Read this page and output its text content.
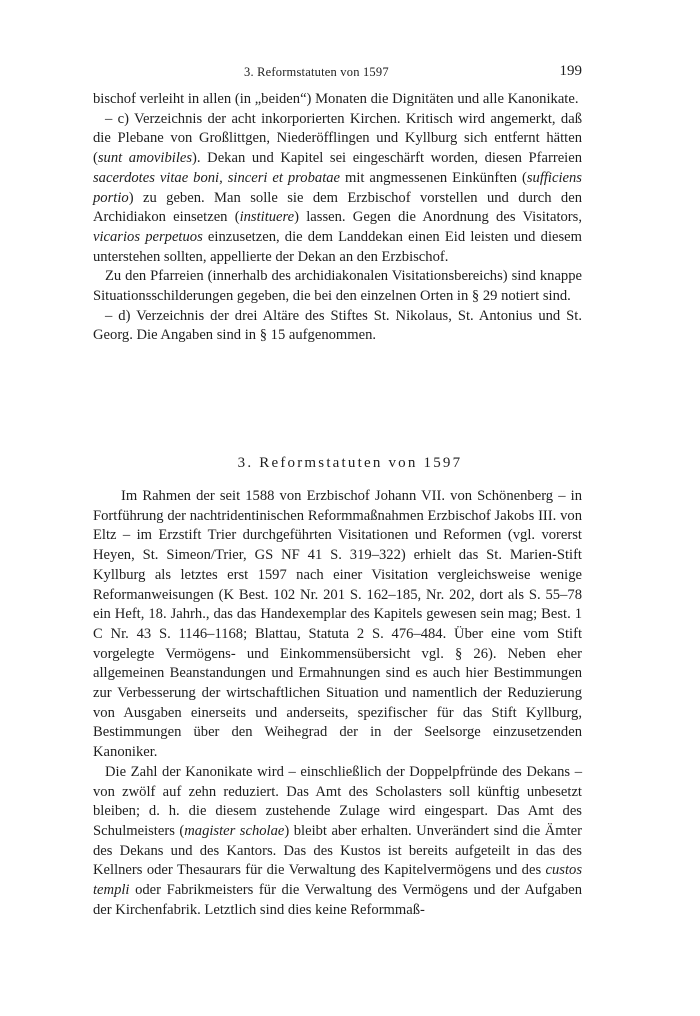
3. Reformstatuten von 1597	199

bischof verleiht in allen (in „beiden“) Monaten die Dignitäten und alle Kanonikate.

– c) Verzeichnis der acht inkorporierten Kirchen. Kritisch wird angemerkt, daß die Plebane von Großlittgen, Niederöfflingen und Kyllburg sich entfernt hätten (sunt amovibiles). Dekan und Kapitel sei eingeschärft worden, diesen Pfarreien sacerdotes vitae boni, sinceri et probatae mit angmessenen Einkünften (sufficiens portio) zu geben. Man solle sie dem Erzbischof vorstellen und durch den Archidiakon einsetzen (instituere) lassen. Gegen die Anordnung des Visitators, vicarios perpetuos einzusetzen, die dem Landdekan einen Eid leisten und diesem unterstehen sollten, appellierte der Dekan an den Erzbischof.

Zu den Pfarreien (innerhalb des archidiakonalen Visitationsbereichs) sind knappe Situationsschilderungen gegeben, die bei den einzelnen Orten in § 29 notiert sind.

– d) Verzeichnis der drei Altäre des Stiftes St. Nikolaus, St. Antonius und St. Georg. Die Angaben sind in § 15 aufgenommen.

3. Reformstatuten von 1597

Im Rahmen der seit 1588 von Erzbischof Johann VII. von Schönenberg – in Fortführung der nachtridentinischen Reformmaßnahmen Erzbischof Jakobs III. von Eltz – im Erzstift Trier durchgeführten Visitationen und Reformen (vgl. vorerst Heyen, St. Simeon/Trier, GS NF 41 S. 319–322) erhielt das St. Marien-Stift Kyllburg als letztes erst 1597 nach einer Visitation vergleichsweise wenige Reformanweisungen (K Best. 102 Nr. 201 S. 162–185, Nr. 202, dort als S. 55–78 ein Heft, 18. Jahrh., das das Handexemplar des Kapitels gewesen sein mag; Best. 1 C Nr. 43 S. 1146–1168; Blattau, Statuta 2 S. 476–484. Über eine vom Stift vorgelegte Vermögens- und Einkommensübersicht vgl. § 26). Neben eher allgemeinen Beanstandungen und Ermahnungen sind es auch hier Bestimmungen zur Verbesserung der wirtschaftlichen Situation und namentlich der Reduzierung von Ausgaben einerseits und anderseits, spezifischer für das Stift Kyllburg, Bestimmungen über den Weihegrad der in der Seelsorge einzusetzenden Kanoniker.

Die Zahl der Kanonikate wird – einschließlich der Doppelpfründe des Dekans – von zwölf auf zehn reduziert. Das Amt des Scholasters soll künftig unbesetzt bleiben; d. h. die diesem zustehende Zulage wird eingespart. Das Amt des Schulmeisters (magister scholae) bleibt aber erhalten. Unverändert sind die Ämter des Dekans und des Kantors. Das des Kustos ist bereits aufgeteilt in das des Kellners oder Thesaurars für die Verwaltung des Kapitelvermögens und des custos templi oder Fabrikmeisters für die Verwaltung des Vermögens und der Aufgaben der Kirchenfabrik. Letztlich sind dies keine Reformmaß-
